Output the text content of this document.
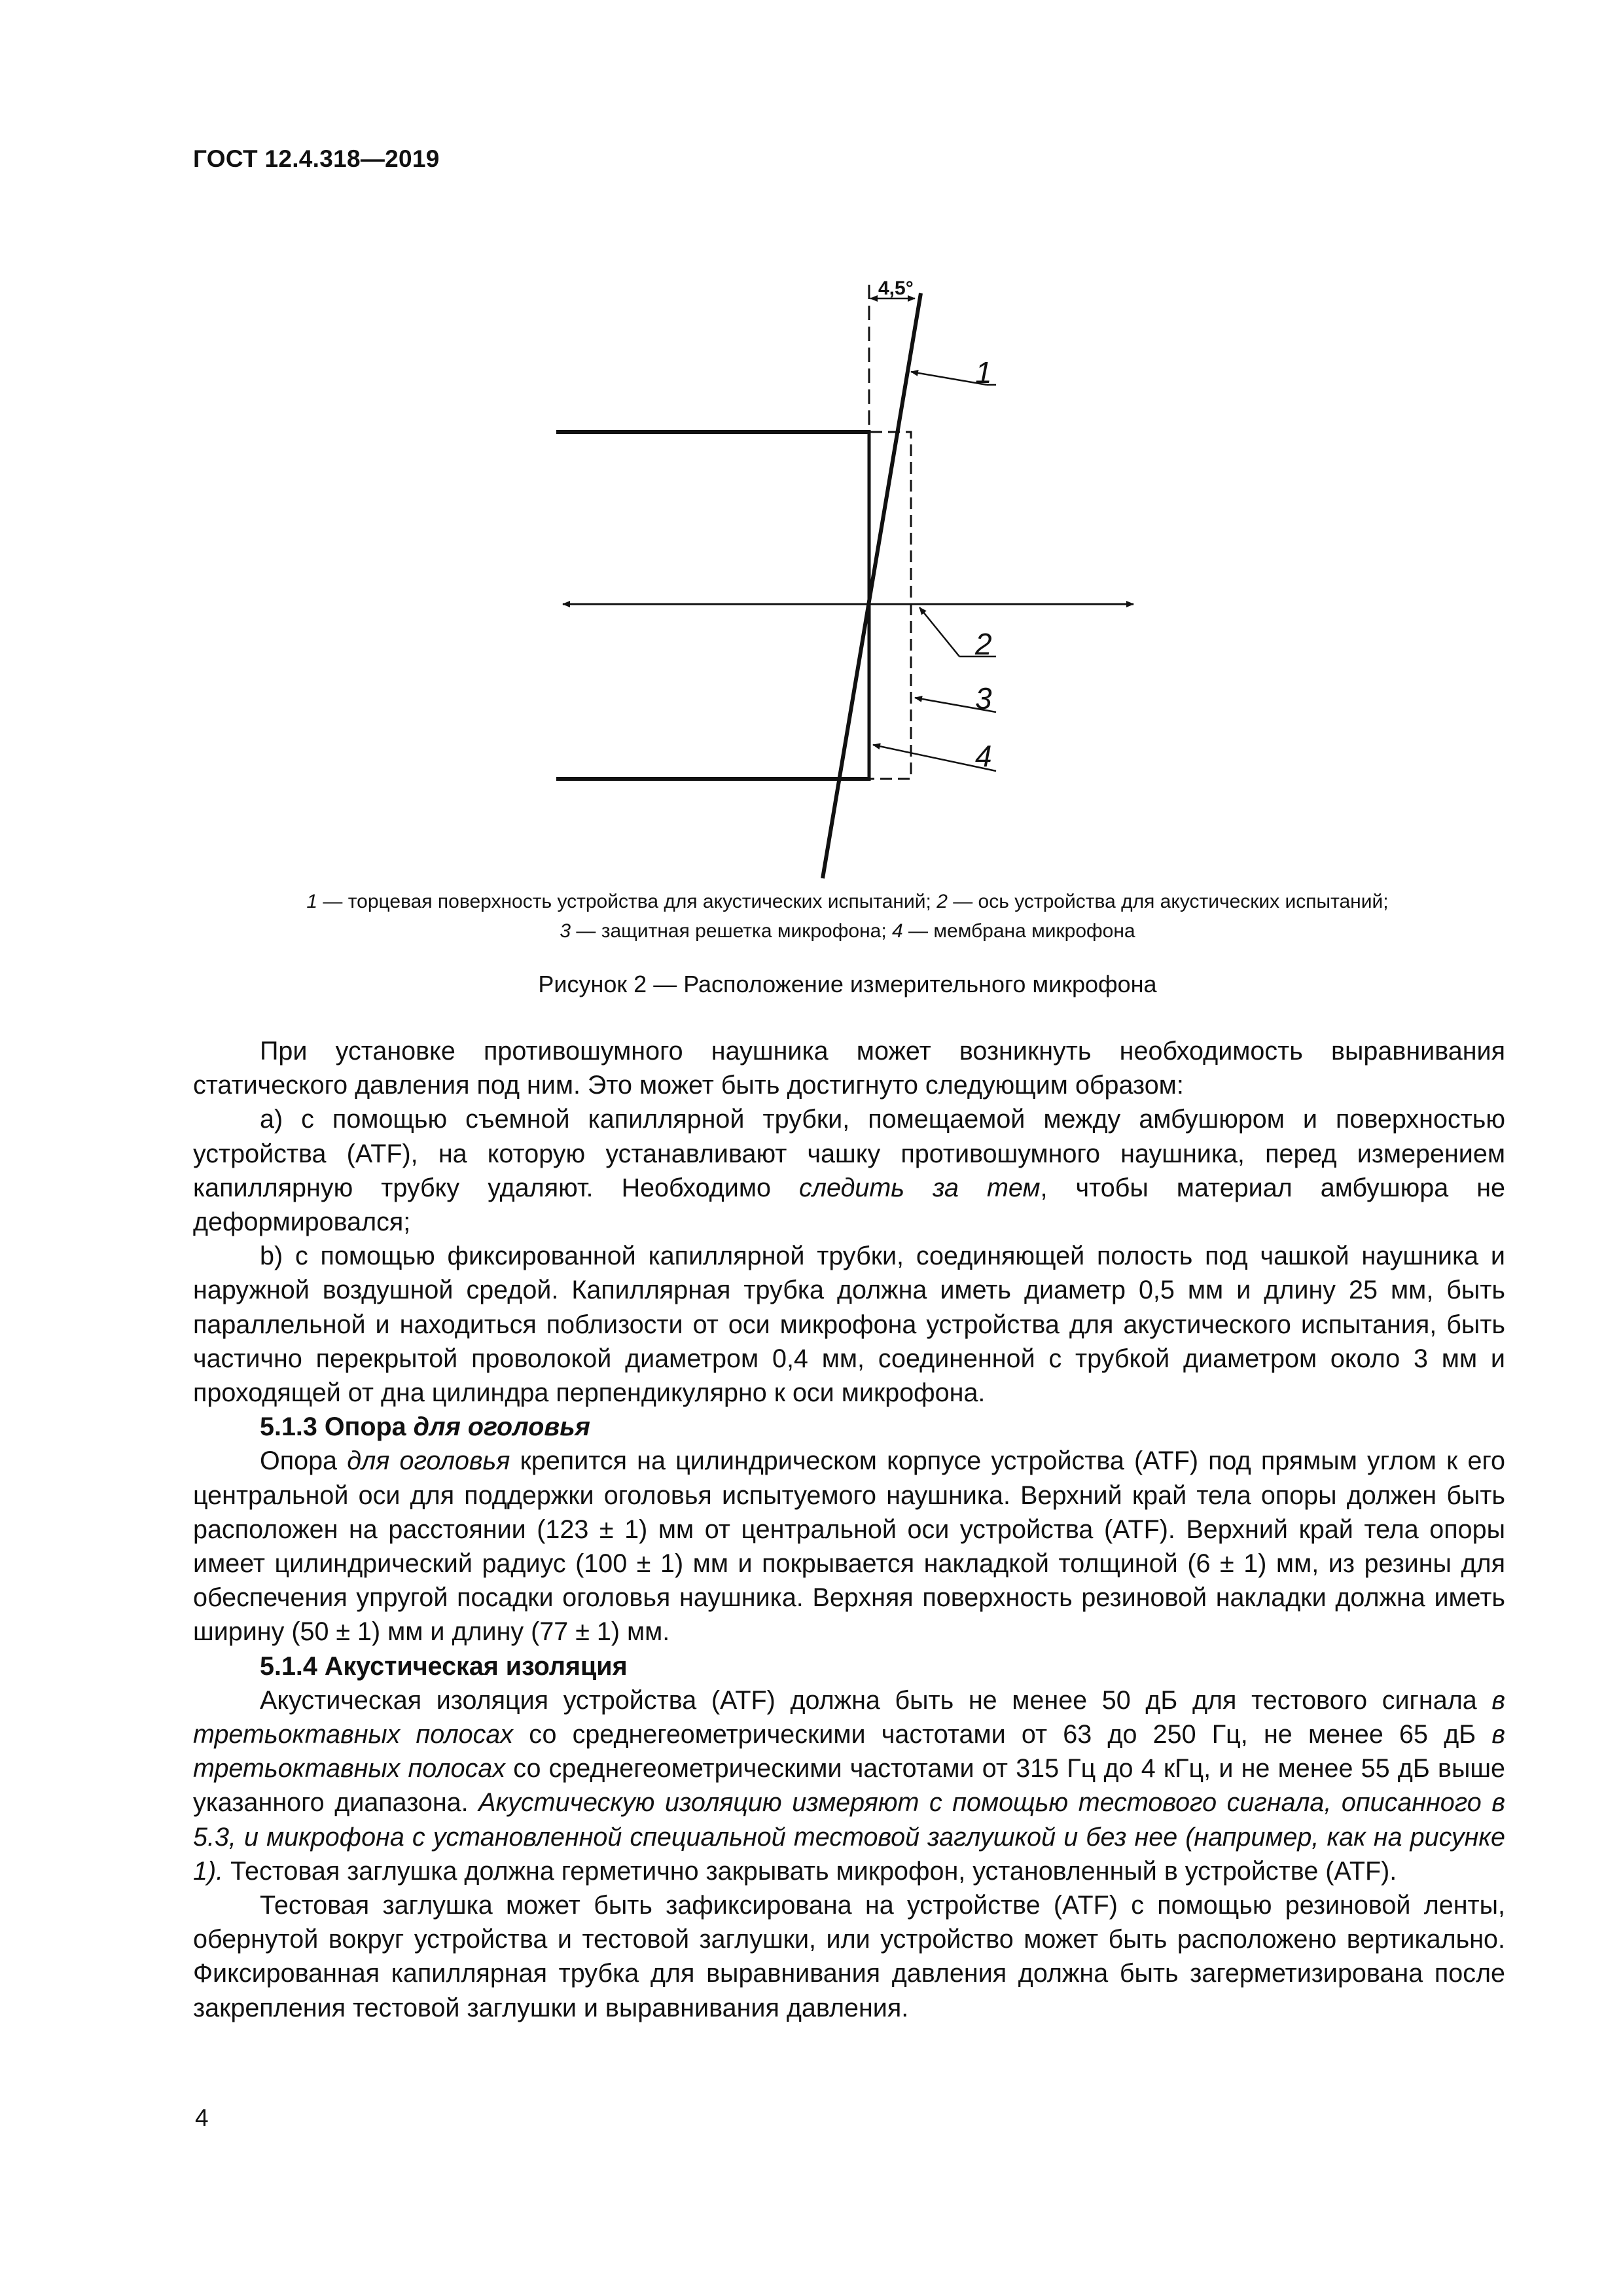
ГОСТ 12.4.318—2019
4,5°
1
2
3
4
1 — торцевая поверхность устройства для акустических испытаний; 2 — ось устройства для акустических испытаний;
3 — защитная решетка микрофона; 4 — мембрана микрофона
Рисунок 2 — Расположение измерительного микрофона

При установке противошумного наушника может возникнуть необходимость выравнивания статического давления под ним. Это может быть достигнуто следующим образом:

a) с помощью съемной капиллярной трубки, помещаемой между амбушюром и поверхностью устройства (ATF), на которую устанавливают чашку противошумного наушника, перед измерением капиллярную трубку удаляют. Необходимо следить за тем, чтобы материал амбушюра не деформировался;

b) с помощью фиксированной капиллярной трубки, соединяющей полость под чашкой наушника и наружной воздушной средой. Капиллярная трубка должна иметь диаметр 0,5 мм и длину 25 мм, быть параллельной и находиться поблизости от оси микрофона устройства для акустического испытания, быть частично перекрытой проволокой диаметром 0,4 мм, соединенной с трубкой диаметром около 3 мм и проходящей от дна цилиндра перпендикулярно к оси микрофона.

5.1.3 Опора для оголовья

Опора для оголовья крепится на цилиндрическом корпусе устройства (ATF) под прямым углом к его центральной оси для поддержки оголовья испытуемого наушника. Верхний край тела опоры должен быть расположен на расстоянии (123 ± 1) мм от центральной оси устройства (ATF). Верхний край тела опоры имеет цилиндрический радиус (100 ± 1) мм и покрывается накладкой толщиной (6 ± 1) мм, из резины для обеспечения упругой посадки оголовья наушника. Верхняя поверхность резиновой накладки должна иметь ширину (50 ± 1) мм и длину (77 ± 1) мм.

5.1.4 Акустическая изоляция

Акустическая изоляция устройства (ATF) должна быть не менее 50 дБ для тестового сигнала в третьоктавных полосах со среднегеометрическими частотами от 63 до 250 Гц, не менее 65 дБ в третьоктавных полосах со среднегеометрическими частотами от 315 Гц до 4 кГц, и не менее 55 дБ выше указанного диапазона. Акустическую изоляцию измеряют с помощью тестового сигнала, описанного в 5.3, и микрофона с установленной специальной тестовой заглушкой и без нее (например, как на рисунке 1). Тестовая заглушка должна герметично закрывать микрофон, установленный в устройстве (ATF).

Тестовая заглушка может быть зафиксирована на устройстве (ATF) с помощью резиновой ленты, обернутой вокруг устройства и тестовой заглушки, или устройство может быть расположено вертикально. Фиксированная капиллярная трубка для выравнивания давления должна быть загерметизирована после закрепления тестовой заглушки и выравнивания давления.

4
